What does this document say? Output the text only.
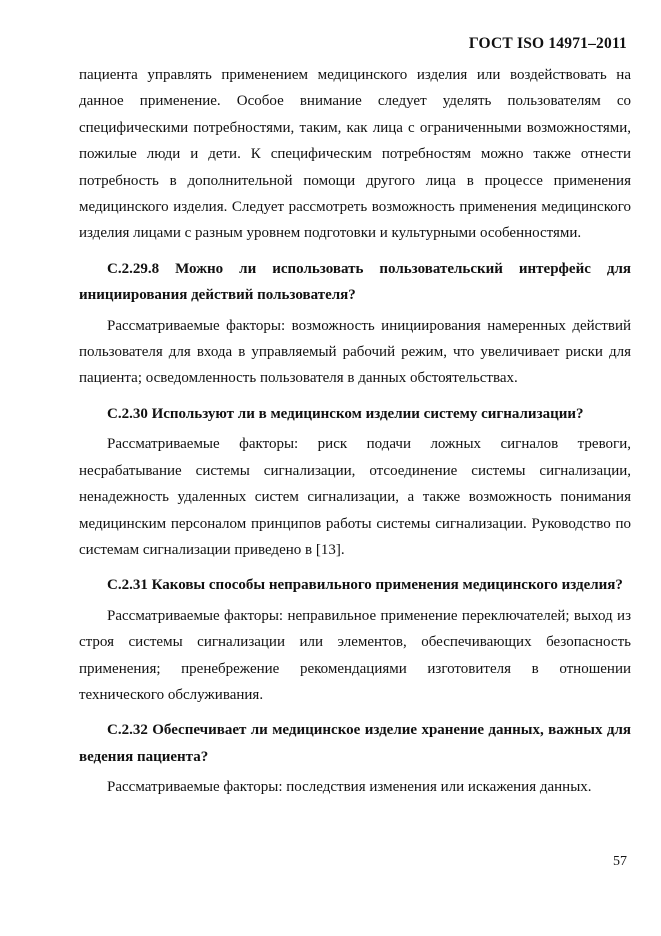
ГОСТ ISO 14971–2011

пациента управлять применением медицинского изделия или воздействовать на данное применение. Особое внимание следует уделять пользователям со специфическими потребностями, таким, как лица с ограниченными возможностями, пожилые люди и дети. К специфическим потребностям можно также отнести потребность в дополнительной помощи другого лица в процессе применения медицинского изделия. Следует рассмотреть возможность применения медицинского изделия лицами с разным уровнем подготовки и культурными особенностями.

С.2.29.8 Можно ли использовать пользовательский интерфейс для инициирования действий пользователя?

Рассматриваемые факторы: возможность инициирования намеренных действий пользователя для входа в управляемый рабочий режим, что увеличивает риски для пациента; осведомленность пользователя в данных обстоятельствах.

С.2.30 Используют ли в медицинском изделии систему сигнализации?

Рассматриваемые факторы: риск подачи ложных сигналов тревоги, несрабатывание системы сигнализации, отсоединение системы сигнализации, ненадежность удаленных систем сигнализации, а также возможность понимания медицинским персоналом принципов работы системы сигнализации. Руководство по системам сигнализации приведено в [13].

С.2.31 Каковы способы неправильного применения медицинского изделия?

Рассматриваемые факторы: неправильное применение переключателей; выход из строя системы сигнализации или элементов, обеспечивающих безопасность применения; пренебрежение рекомендациями изготовителя в отношении технического обслуживания.

С.2.32 Обеспечивает ли медицинское изделие хранение данных, важных для ведения пациента?

Рассматриваемые факторы: последствия изменения или искажения данных.

57
